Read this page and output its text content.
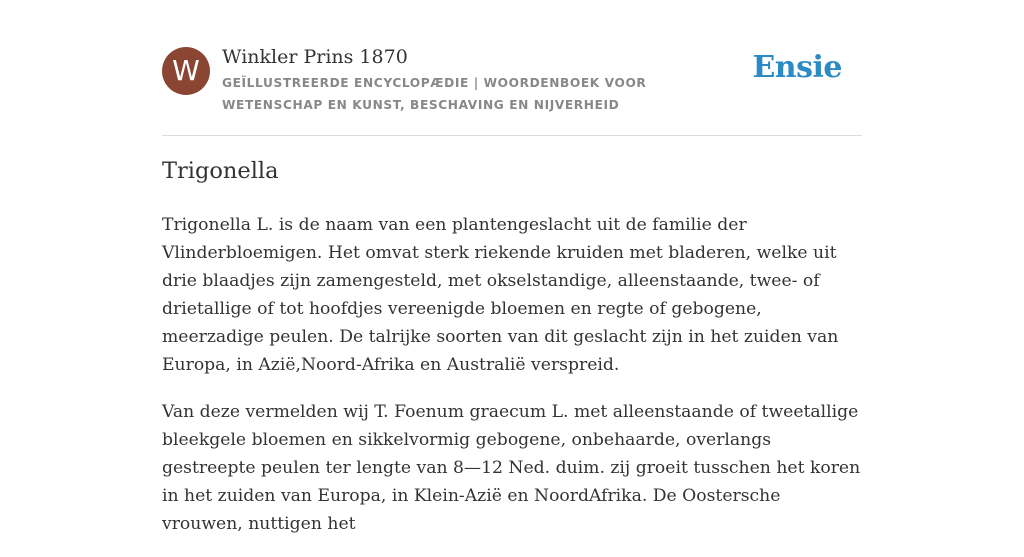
W	Winkler Prins 1870
GEÏLLUSTREERDE ENCYCLOPÆDIE | WOORDENBOEK VOOR WETENSCHAP EN KUNST, BESCHAVING EN NIJVERHEID
Ensie
Trigonella

Trigonella L. is de naam van een plantengeslacht uit de familie der Vlinderbloemigen. Het omvat sterk riekende kruiden met bladeren, welke uit drie blaadjes zijn zamengesteld, met okselstandige, alleenstaande, twee- of drietallige of tot hoofdjes vereenigde bloemen en regte of gebogene, meerzadige peulen. De talrijke soorten van dit geslacht zijn in het zuiden van Europa, in Azië,Noord-Afrika en Australië verspreid.

Van deze vermelden wij T. Foenum graecum L. met alleenstaande of tweetallige bleekgele bloemen en sikkelvormig gebogene, onbehaarde, overlangs gestreepte peulen ter lengte van 8—12 Ned. duim. zij groeit tusschen het koren in het zuiden van Europa, in Klein-Azië en NoordAfrika. De Oostersche vrouwen, nuttigen het
